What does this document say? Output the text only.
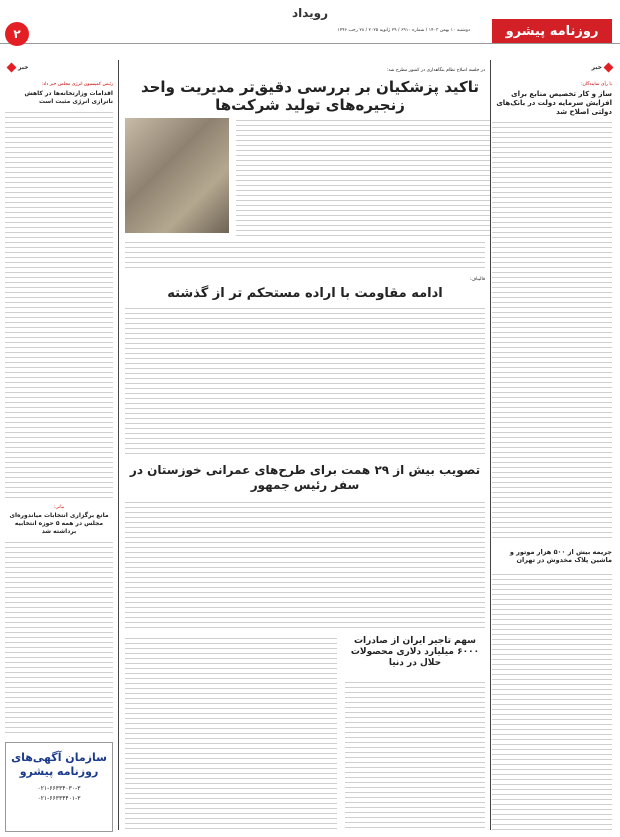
۲
رویداد
روزنامه پیشرو
دوشنبه ۱۰ بهمن ۱۴۰۳ / شماره ۶۹۱۰ / ۲۹ ژانویه ۲۰۲۵ / ۲۸ رجب ۱۴۴۶
خبر
خبر
با رأی نمایندگان:
ساز و کار تخصیص منابع برای افزایش سرمایه دولت در بانک‌های دولتی اصلاح شد
جریمه بیش از ۵۰۰ هزار موتور و ماشین پلاک مخدوش در تهران
در جلسه اصلاح نظام بنگاهداری در کشور مطرح شد:
تاکید پزشکیان بر بررسی دقیق‌تر مدیریت واحد زنجیره‌های تولید شرکت‌ها
قالیباف:
ادامه مقاومت با اراده مستحکم تر از گذشته
تصویب بیش از ۲۹ همت برای طرح‌های عمرانی خوزستان در سفر رئیس جمهور
سهم تاجیر ایران از صادرات ۶۰۰۰ میلیارد دلاری محصولات حلال در دنیا
رئیس کمیسیون انرژی مجلس خبر داد:
اقدامات وزارتخانه‌ها در کاهش ناترازی انرژی مثبت است
بیانی:
مانع برگزاری انتخابات میاندوره‌ای مجلس در همه ۵ حوزه انتخابیه برداشته شد
سازمان آگهی‌های روزنامه پیشرو
۰۲۱-۶۶۳۳۴۰۳۰-۳
۰۲۱-۶۶۳۳۴۴۰۱-۳
